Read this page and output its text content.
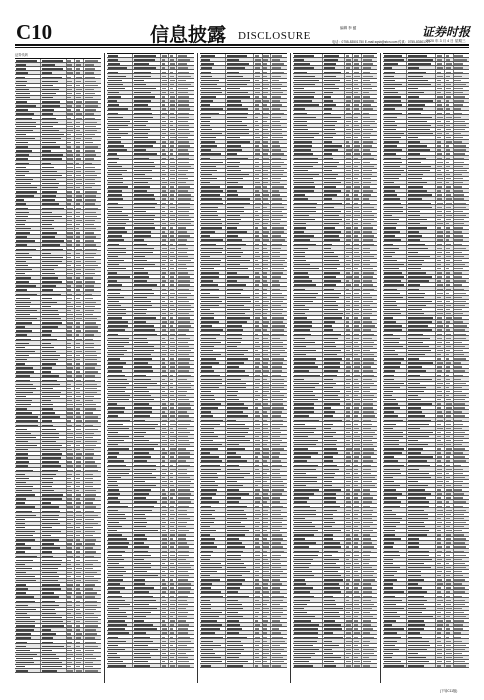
C10	信息披露 DISCLOSURE
编辑 李 蕴
电话：0755-83501750 E-mail:zqsb@stcn.com 传真：0755-83501727
证券时报
2020 年 3 月 4 日 星期三
证券代码
(下转C11版)
